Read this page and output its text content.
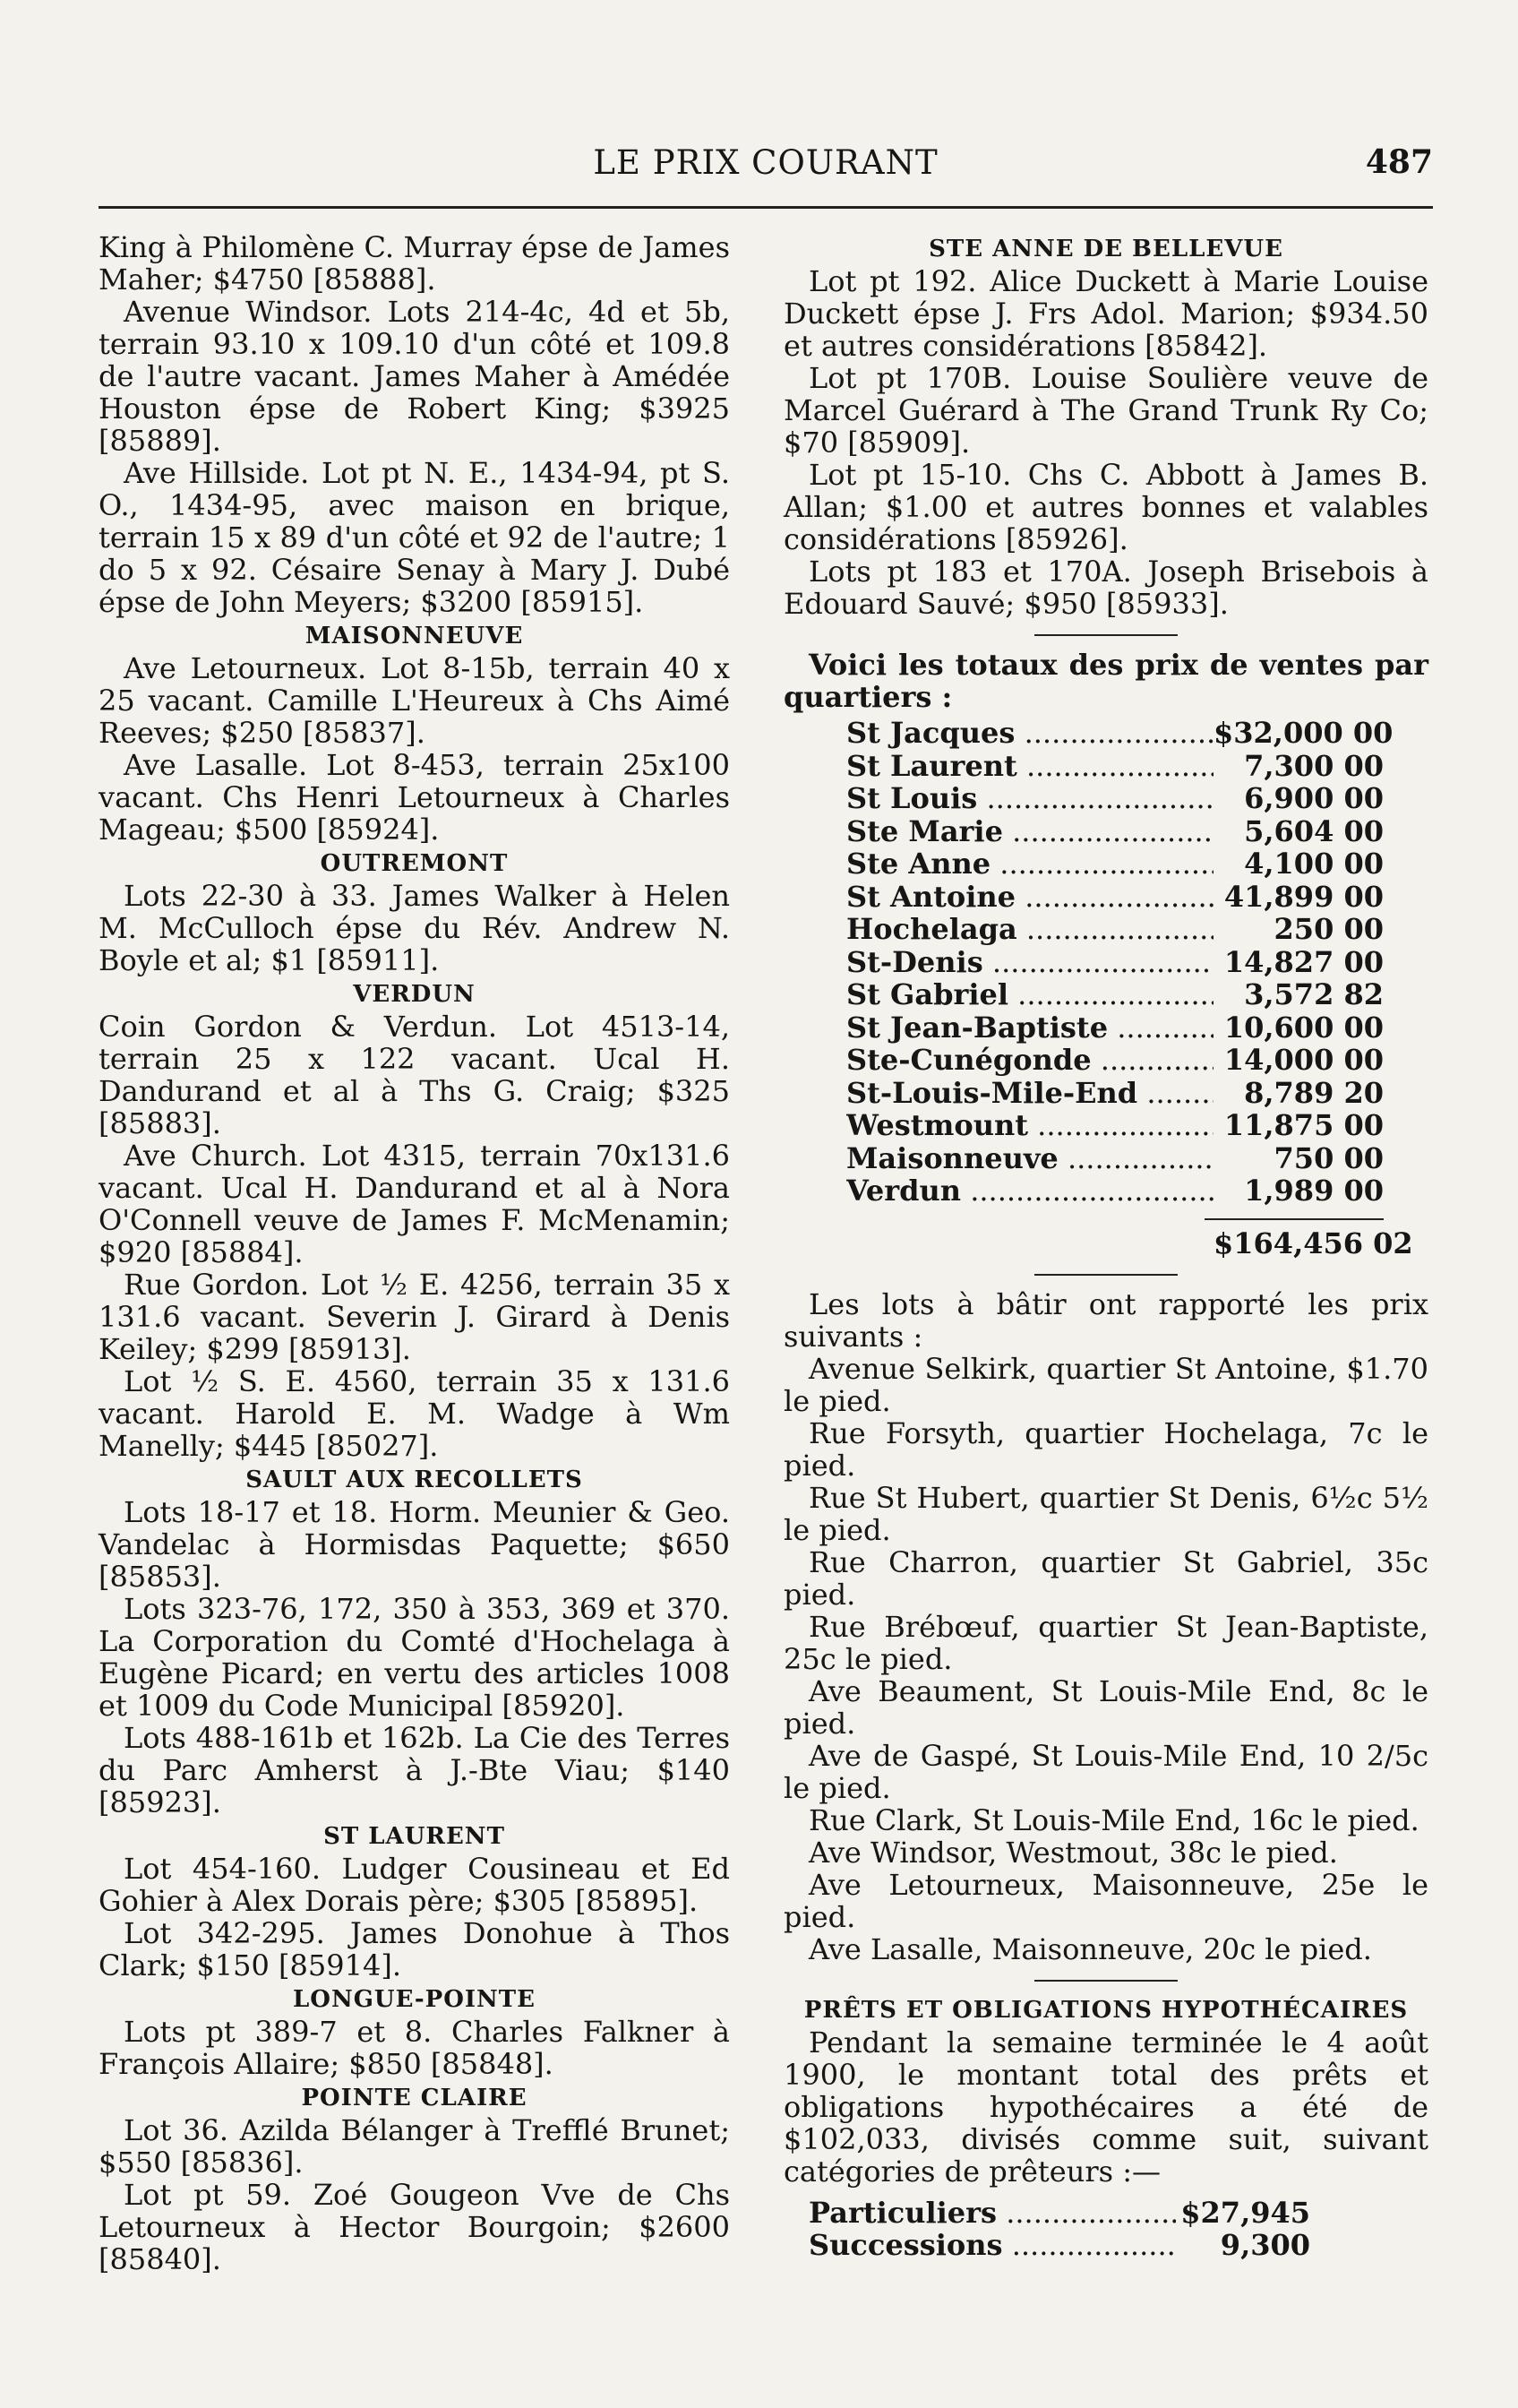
LE PRIX COURANT	487

King à Philomène C. Murray épse de James Maher; $4750 [85888].

Avenue Windsor. Lots 214-4c, 4d et 5b, terrain 93.10 x 109.10 d'un côté et 109.8 de l'autre vacant. James Maher à Amédée Houston épse de Robert King; $3925 [85889].

Ave Hillside. Lot pt N. E., 1434-94, pt S. O., 1434-95, avec maison en brique, terrain 15 x 89 d'un côté et 92 de l'autre; 1 do 5 x 92. Césaire Senay à Mary J. Dubé épse de John Meyers; $3200 [85915].

MAISONNEUVE

Ave Letourneux. Lot 8-15b, terrain 40 x 25 vacant. Camille L'Heureux à Chs Aimé Reeves; $250 [85837].

Ave Lasalle. Lot 8-453, terrain 25x100 vacant. Chs Henri Letourneux à Charles Mageau; $500 [85924].

OUTREMONT

Lots 22-30 à 33. James Walker à Helen M. McCulloch épse du Rév. Andrew N. Boyle et al; $1 [85911].

VERDUN

Coin Gordon & Verdun. Lot 4513-14, terrain 25 x 122 vacant. Ucal H. Dandurand et al à Ths G. Craig; $325 [85883].

Ave Church. Lot 4315, terrain 70x131.6 vacant. Ucal H. Dandurand et al à Nora O'Connell veuve de James F. McMenamin; $920 [85884].

Rue Gordon. Lot ½ E. 4256, terrain 35 x 131.6 vacant. Severin J. Girard à Denis Keiley; $299 [85913].

Lot ½ S. E. 4560, terrain 35 x 131.6 vacant. Harold E. M. Wadge à Wm Manelly; $445 [85027].

SAULT AUX RECOLLETS

Lots 18-17 et 18. Horm. Meunier & Geo. Vandelac à Hormisdas Paquette; $650 [85853].

Lots 323-76, 172, 350 à 353, 369 et 370. La Corporation du Comté d'Hochelaga à Eugène Picard; en vertu des articles 1008 et 1009 du Code Municipal [85920].

Lots 488-161b et 162b. La Cie des Terres du Parc Amherst à J.-Bte Viau; $140 [85923].

ST LAURENT

Lot 454-160. Ludger Cousineau et Ed Gohier à Alex Dorais père; $305 [85895].

Lot 342-295. James Donohue à Thos Clark; $150 [85914].

LONGUE-POINTE

Lots pt 389-7 et 8. Charles Falkner à François Allaire; $850 [85848].

POINTE CLAIRE

Lot 36. Azilda Bélanger à Trefflé Brunet; $550 [85836].

Lot pt 59. Zoé Gougeon Vve de Chs Letourneux à Hector Bourgoin; $2600 [85840].

STE ANNE DE BELLEVUE

Lot pt 192. Alice Duckett à Marie Louise Duckett épse J. Frs Adol. Marion; $934.50 et autres considérations [85842].

Lot pt 170B. Louise Soulière veuve de Marcel Guérard à The Grand Trunk Ry Co; $70 [85909].

Lot pt 15-10. Chs C. Abbott à James B. Allan; $1.00 et autres bonnes et valables considérations [85926].

Lots pt 183 et 170A. Joseph Brisebois à Edouard Sauvé; $950 [85933].

Voici les totaux des prix de ventes par quartiers :

St Jacques .....	$32,000 00
St Laurent .....	7,300 00
St Louis .....	6,900 00
Ste Marie .....	5,604 00
Ste Anne .....	4,100 00
St Antoine .....	41,899 00
Hochelaga .....	250 00
St-Denis .....	14,827 00
St Gabriel .....	3,572 82
St Jean-Baptiste .....	10,600 00
Ste-Cunégonde .....	14,000 00
St-Louis-Mile-End .....	8,789 20
Westmount .....	11,875 00
Maisonneuve .....	750 00
Verdun .....	1,989 00
$164,456 02

Les lots à bâtir ont rapporté les prix suivants :

Avenue Selkirk, quartier St Antoine, $1.70 le pied.

Rue Forsyth, quartier Hochelaga, 7c le pied.

Rue St Hubert, quartier St Denis, 6½c 5½ le pied.

Rue Charron, quartier St Gabriel, 35c pied.

Rue Brébœuf, quartier St Jean-Baptiste, 25c le pied.

Ave Beaument, St Louis-Mile End, 8c le pied.

Ave de Gaspé, St Louis-Mile End, 10 2/5c le pied.

Rue Clark, St Louis-Mile End, 16c le pied.

Ave Windsor, Westmout, 38c le pied.

Ave Letourneux, Maisonneuve, 25e le pied.

Ave Lasalle, Maisonneuve, 20c le pied.

PRÊTS ET OBLIGATIONS HYPOTHÉCAIRES

Pendant la semaine terminée le 4 août 1900, le montant total des prêts et obligations hypothécaires a été de $102,033, divisés comme suit, suivant catégories de prêteurs :—

Particuliers .....	$27,945
Successions .....	9,300
